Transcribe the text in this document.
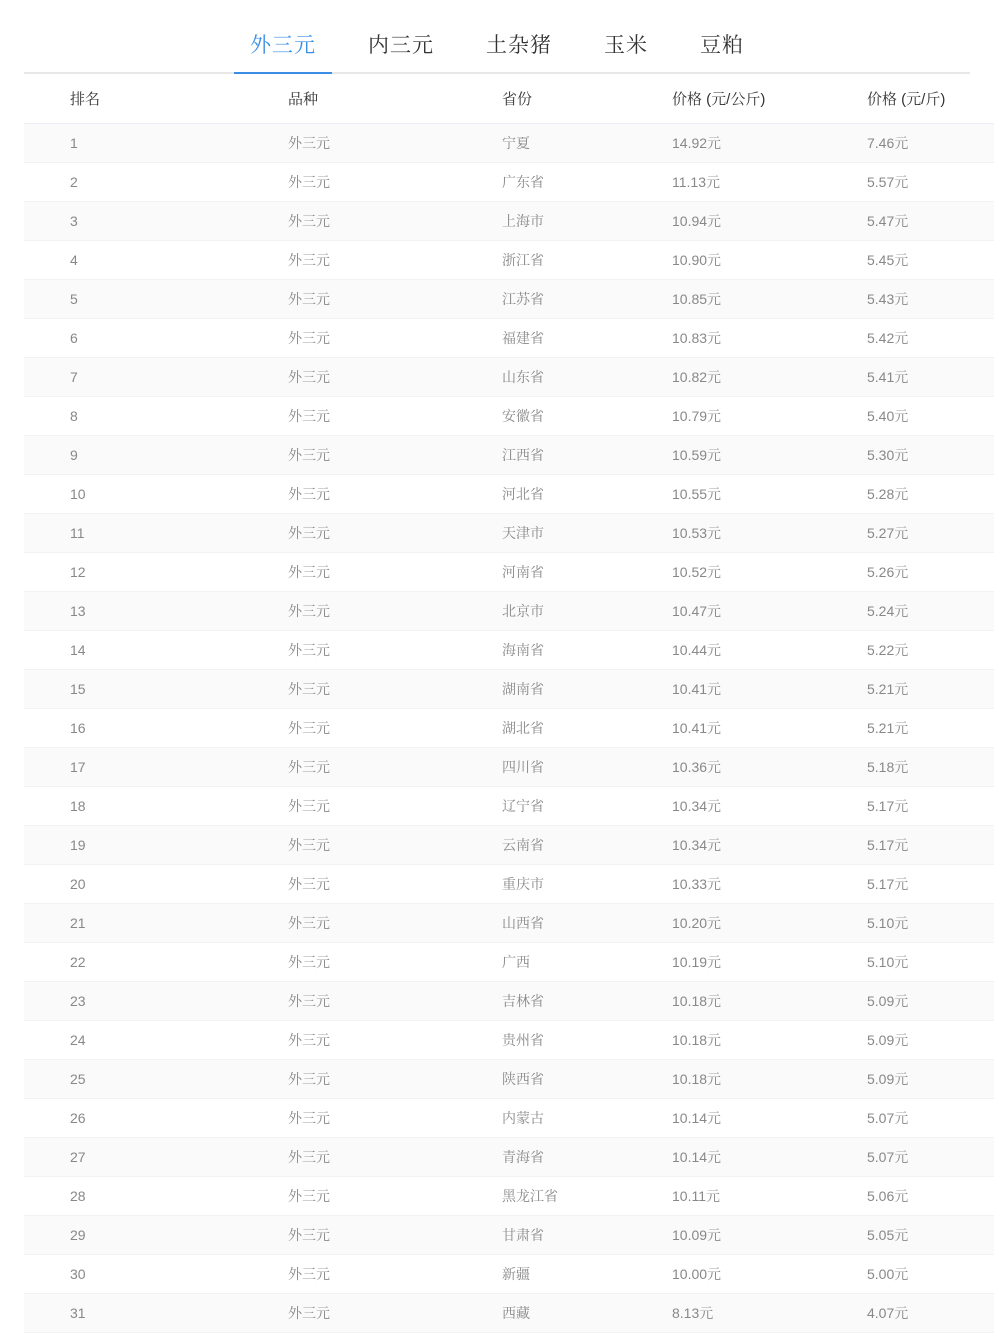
外三元	内三元	土杂猪	玉米	豆粕
排名	品种	省份	价格 (元/公斤)	价格 (元/斤)
1	外三元	宁夏	14.92元	7.46元
2	外三元	广东省	11.13元	5.57元
3	外三元	上海市	10.94元	5.47元
4	外三元	浙江省	10.90元	5.45元
5	外三元	江苏省	10.85元	5.43元
6	外三元	福建省	10.83元	5.42元
7	外三元	山东省	10.82元	5.41元
8	外三元	安徽省	10.79元	5.40元
9	外三元	江西省	10.59元	5.30元
10	外三元	河北省	10.55元	5.28元
11	外三元	天津市	10.53元	5.27元
12	外三元	河南省	10.52元	5.26元
13	外三元	北京市	10.47元	5.24元
14	外三元	海南省	10.44元	5.22元
15	外三元	湖南省	10.41元	5.21元
16	外三元	湖北省	10.41元	5.21元
17	外三元	四川省	10.36元	5.18元
18	外三元	辽宁省	10.34元	5.17元
19	外三元	云南省	10.34元	5.17元
20	外三元	重庆市	10.33元	5.17元
21	外三元	山西省	10.20元	5.10元
22	外三元	广西	10.19元	5.10元
23	外三元	吉林省	10.18元	5.09元
24	外三元	贵州省	10.18元	5.09元
25	外三元	陕西省	10.18元	5.09元
26	外三元	内蒙古	10.14元	5.07元
27	外三元	青海省	10.14元	5.07元
28	外三元	黑龙江省	10.11元	5.06元
29	外三元	甘肃省	10.09元	5.05元
30	外三元	新疆	10.00元	5.00元
31	外三元	西藏	8.13元	4.07元
